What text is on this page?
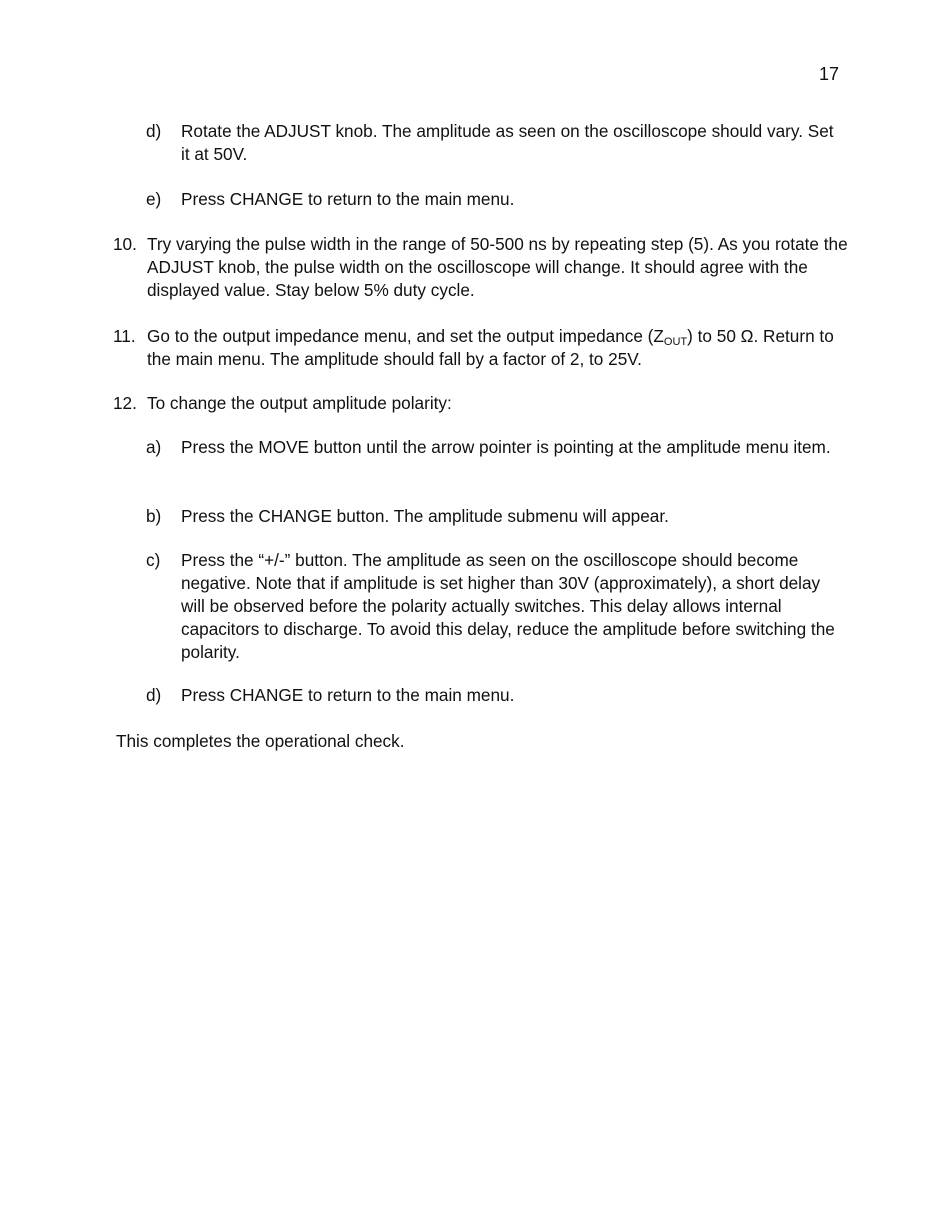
17
d) Rotate the ADJUST knob. The amplitude as seen on the oscilloscope should vary. Set it at 50V.
e) Press CHANGE to return to the main menu.
10. Try varying the pulse width in the range of 50-500 ns by repeating step (5). As you rotate the ADJUST knob, the pulse width on the oscilloscope will change. It should agree with the displayed value. Stay below 5% duty cycle.
11. Go to the output impedance menu, and set the output impedance $(Z_{OUT})$ to 50 Ω. Return to the main menu. The amplitude should fall by a factor of 2, to 25V.
12. To change the output amplitude polarity:
a) Press the MOVE button until the arrow pointer is pointing at the amplitude menu item.
b) Press the CHANGE button. The amplitude submenu will appear.
c) Press the “+/-” button. The amplitude as seen on the oscilloscope should become negative. Note that if amplitude is set higher than 30V (approximately), a short delay will be observed before the polarity actually switches. This delay allows internal capacitors to discharge. To avoid this delay, reduce the amplitude before switching the polarity.
d) Press CHANGE to return to the main menu.
This completes the operational check.
